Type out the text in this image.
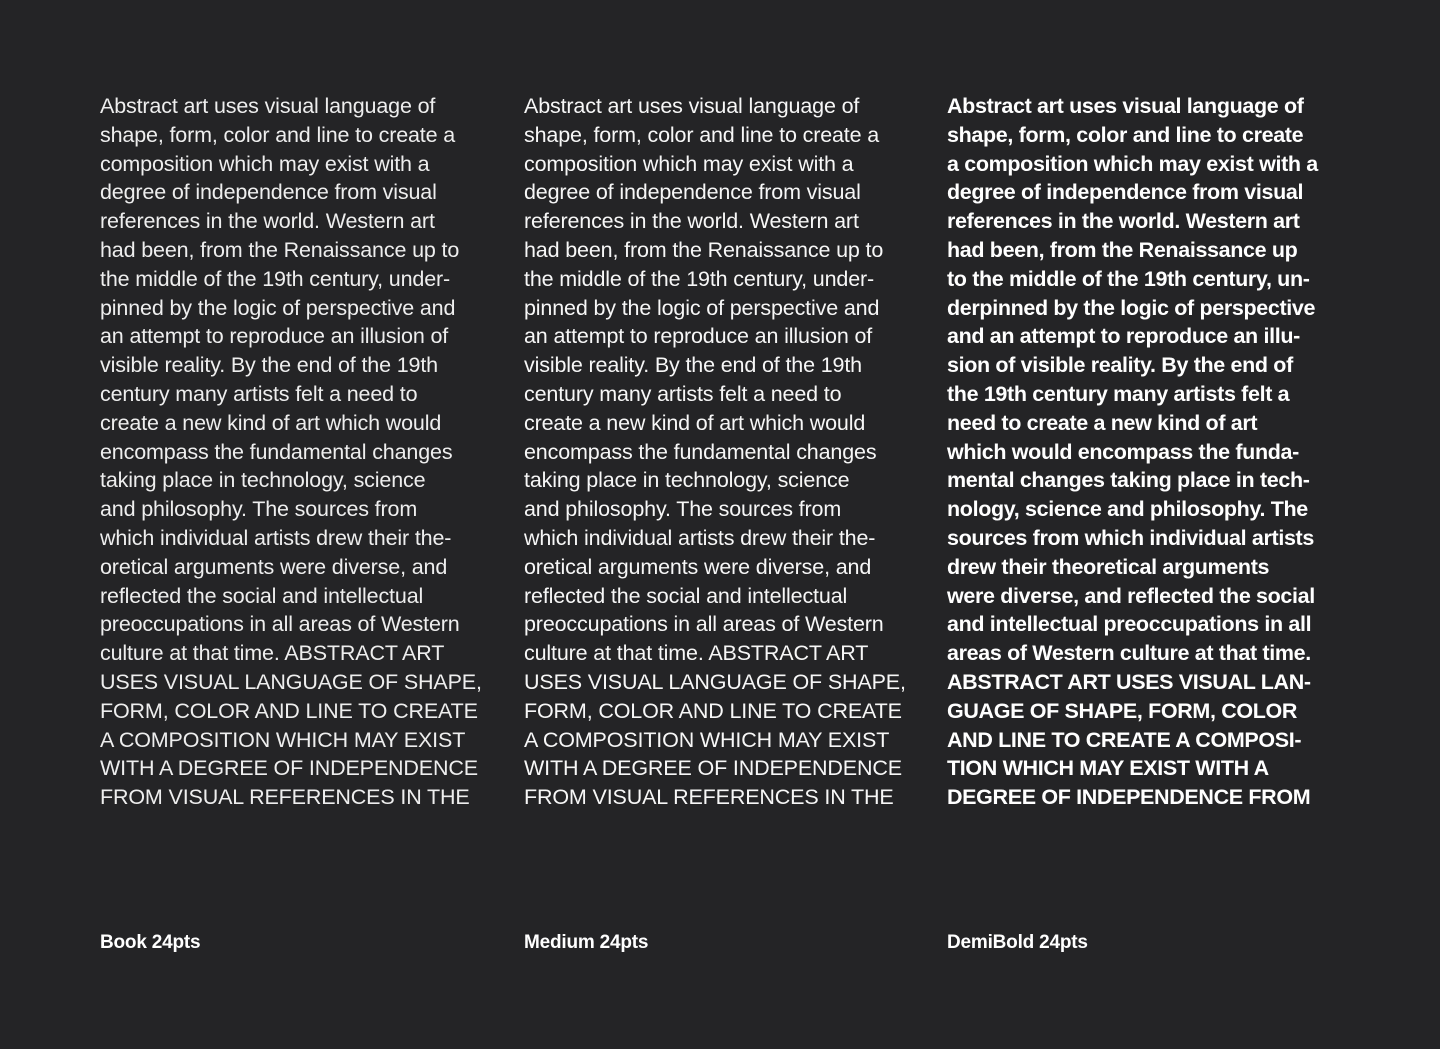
Abstract art uses visual language of
shape, form, color and line to create a
composition which may exist with a
degree of independence from visual
references in the world. Western art
had been, from the Renaissance up to
the middle of the 19th century, under-
pinned by the logic of perspective and
an attempt to reproduce an illusion of
visible reality. By the end of the 19th
century many artists felt a need to
create a new kind of art which would
encompass the fundamental changes
taking place in technology, science
and philosophy. The sources from
which individual artists drew their the-
oretical arguments were diverse, and
reflected the social and intellectual
preoccupations in all areas of Western
culture at that time. ABSTRACT ART
USES VISUAL LANGUAGE OF SHAPE,
FORM, COLOR AND LINE TO CREATE
A COMPOSITION WHICH MAY EXIST
WITH A DEGREE OF INDEPENDENCE
FROM VISUAL REFERENCES IN THE
Abstract art uses visual language of
shape, form, color and line to create a
composition which may exist with a
degree of independence from visual
references in the world. Western art
had been, from the Renaissance up to
the middle of the 19th century, under-
pinned by the logic of perspective and
an attempt to reproduce an illusion of
visible reality. By the end of the 19th
century many artists felt a need to
create a new kind of art which would
encompass the fundamental changes
taking place in technology, science
and philosophy. The sources from
which individual artists drew their the-
oretical arguments were diverse, and
reflected the social and intellectual
preoccupations in all areas of Western
culture at that time. ABSTRACT ART
USES VISUAL LANGUAGE OF SHAPE,
FORM, COLOR AND LINE TO CREATE
A COMPOSITION WHICH MAY EXIST
WITH A DEGREE OF INDEPENDENCE
FROM VISUAL REFERENCES IN THE
Abstract art uses visual language of
shape, form, color and line to create
a composition which may exist with a
degree of independence from visual
references in the world. Western art
had been, from the Renaissance up
to the middle of the 19th century, un-
derpinned by the logic of perspective
and an attempt to reproduce an illu-
sion of visible reality. By the end of
the 19th century many artists felt a
need to create a new kind of art
which would encompass the funda-
mental changes taking place in tech-
nology, science and philosophy. The
sources from which individual artists
drew their theoretical arguments
were diverse, and reflected the social
and intellectual preoccupations in all
areas of Western culture at that time.
ABSTRACT ART USES VISUAL LAN-
GUAGE OF SHAPE, FORM, COLOR
AND LINE TO CREATE A COMPOSI-
TION WHICH MAY EXIST WITH A
DEGREE OF INDEPENDENCE FROM
Book 24pts	Medium 24pts	DemiBold 24pts
